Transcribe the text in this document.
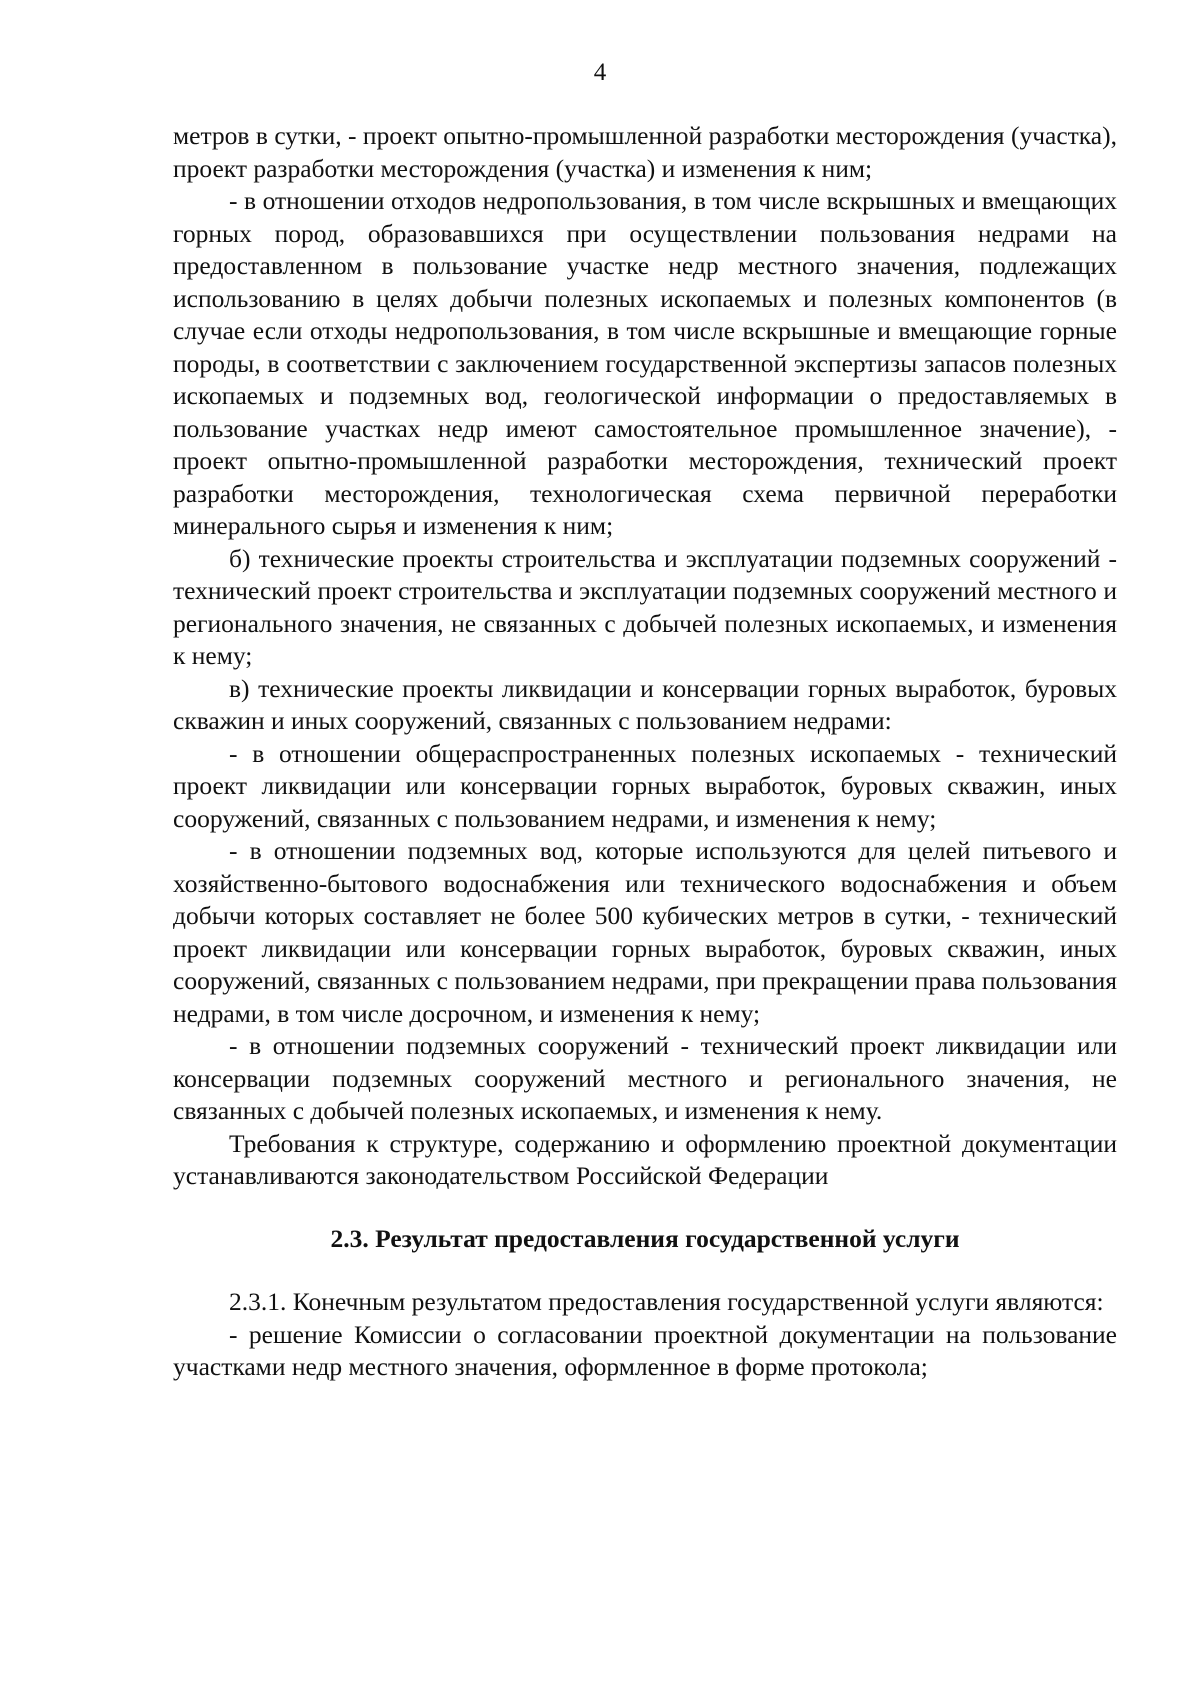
4

метров в сутки, - проект опытно-промышленной разработки месторождения (участка), проект разработки месторождения (участка) и изменения к ним;

- в отношении отходов недропользования, в том числе вскрышных и вмещающих горных пород, образовавшихся при осуществлении пользования недрами на предоставленном в пользование участке недр местного значения, подлежащих использованию в целях добычи полезных ископаемых и полезных компонентов (в случае если отходы недропользования, в том числе вскрышные и вмещающие горные породы, в соответствии с заключением государственной экспертизы запасов полезных ископаемых и подземных вод, геологической информации о предоставляемых в пользование участках недр имеют самостоятельное промышленное значение), - проект опытно-промышленной разработки месторождения, технический проект разработки месторождения, технологическая схема первичной переработки минерального сырья и изменения к ним;

б) технические проекты строительства и эксплуатации подземных сооружений - технический проект строительства и эксплуатации подземных сооружений местного и регионального значения, не связанных с добычей полезных ископаемых, и изменения к нему;

в) технические проекты ликвидации и консервации горных выработок, буровых скважин и иных сооружений, связанных с пользованием недрами:

- в отношении общераспространенных полезных ископаемых - технический проект ликвидации или консервации горных выработок, буровых скважин, иных сооружений, связанных с пользованием недрами, и изменения к нему;

- в отношении подземных вод, которые используются для целей питьевого и хозяйственно-бытового водоснабжения или технического водоснабжения и объем добычи которых составляет не более 500 кубических метров в сутки, - технический проект ликвидации или консервации горных выработок, буровых скважин, иных сооружений, связанных с пользованием недрами, при прекращении права пользования недрами, в том числе досрочном, и изменения к нему;

- в отношении подземных сооружений - технический проект ликвидации или консервации подземных сооружений местного и регионального значения, не связанных с добычей полезных ископаемых, и изменения к нему.

Требования к структуре, содержанию и оформлению проектной документации устанавливаются законодательством Российской Федерации

2.3. Результат предоставления государственной услуги

2.3.1. Конечным результатом предоставления государственной услуги являются:

- решение Комиссии о согласовании проектной документации на пользование участками недр местного значения, оформленное в форме протокола;
